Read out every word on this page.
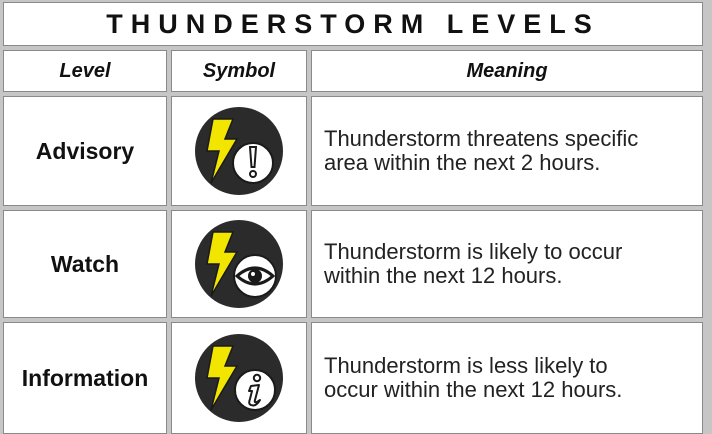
THUNDERSTORM LEVELS
Level	Symbol	Meaning
Advisory	Thunderstorm threatens specific
area within the next 2 hours.
Watch	Thunderstorm is likely to occur
within the next 12 hours.
Information	Thunderstorm is less likely to
occur within the next 12 hours.
